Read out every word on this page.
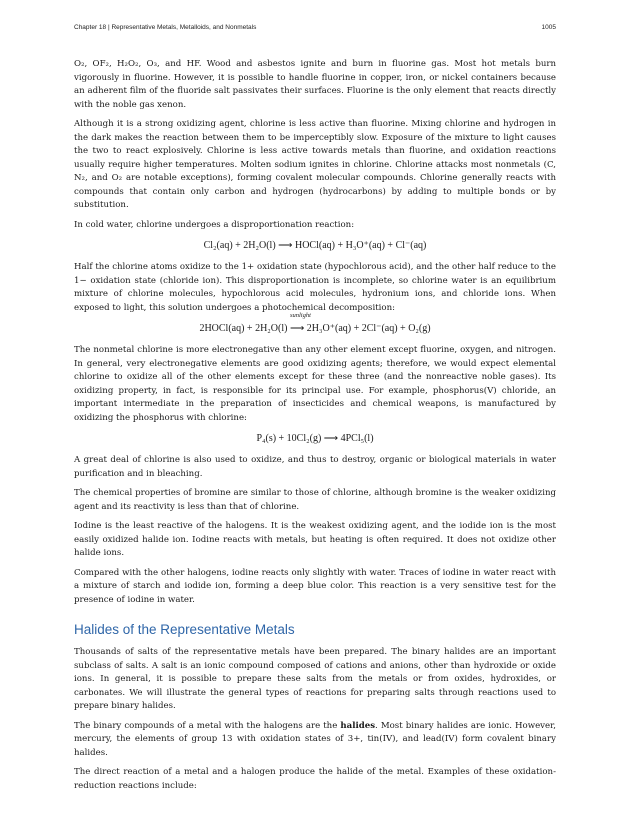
Chapter 18 | Representative Metals, Metalloids, and Nonmetals	1005

O₂, OF₂, H₂O₂, O₃, and HF. Wood and asbestos ignite and burn in fluorine gas. Most hot metals burn vigorously in fluorine. However, it is possible to handle fluorine in copper, iron, or nickel containers because an adherent film of the fluoride salt passivates their surfaces. Fluorine is the only element that reacts directly with the noble gas xenon.

Although it is a strong oxidizing agent, chlorine is less active than fluorine. Mixing chlorine and hydrogen in the dark makes the reaction between them to be imperceptibly slow. Exposure of the mixture to light causes the two to react explosively. Chlorine is less active towards metals than fluorine, and oxidation reactions usually require higher temperatures. Molten sodium ignites in chlorine. Chlorine attacks most nonmetals (C, N₂, and O₂ are notable exceptions), forming covalent molecular compounds. Chlorine generally reacts with compounds that contain only carbon and hydrogen (hydrocarbons) by adding to multiple bonds or by substitution.

In cold water, chlorine undergoes a disproportionation reaction:

Cl₂(aq) + 2H₂O(l) ⟶ HOCl(aq) + H₃O⁺(aq) + Cl⁻(aq)

Half the chlorine atoms oxidize to the 1+ oxidation state (hypochlorous acid), and the other half reduce to the 1− oxidation state (chloride ion). This disproportionation is incomplete, so chlorine water is an equilibrium mixture of chlorine molecules, hypochlorous acid molecules, hydronium ions, and chloride ions. When exposed to light, this solution undergoes a photochemical decomposition:

2HOCl(aq) + 2H₂O(l)
sunlight
⟶ 2H₃O⁺(aq) + 2Cl⁻(aq) + O₂(g)

The nonmetal chlorine is more electronegative than any other element except fluorine, oxygen, and nitrogen. In general, very electronegative elements are good oxidizing agents; therefore, we would expect elemental chlorine to oxidize all of the other elements except for these three (and the nonreactive noble gases). Its oxidizing property, in fact, is responsible for its principal use. For example, phosphorus(V) chloride, an important intermediate in the preparation of insecticides and chemical weapons, is manufactured by oxidizing the phosphorus with chlorine:

P₄(s) + 10Cl₂(g) ⟶ 4PCl₅(l)

A great deal of chlorine is also used to oxidize, and thus to destroy, organic or biological materials in water purification and in bleaching.

The chemical properties of bromine are similar to those of chlorine, although bromine is the weaker oxidizing agent and its reactivity is less than that of chlorine.

Iodine is the least reactive of the halogens. It is the weakest oxidizing agent, and the iodide ion is the most easily oxidized halide ion. Iodine reacts with metals, but heating is often required. It does not oxidize other halide ions.

Compared with the other halogens, iodine reacts only slightly with water. Traces of iodine in water react with a mixture of starch and iodide ion, forming a deep blue color. This reaction is a very sensitive test for the presence of iodine in water.

Halides of the Representative Metals

Thousands of salts of the representative metals have been prepared. The binary halides are an important subclass of salts. A salt is an ionic compound composed of cations and anions, other than hydroxide or oxide ions. In general, it is possible to prepare these salts from the metals or from oxides, hydroxides, or carbonates. We will illustrate the general types of reactions for preparing salts through reactions used to prepare binary halides.

The binary compounds of a metal with the halogens are the halides. Most binary halides are ionic. However, mercury, the elements of group 13 with oxidation states of 3+, tin(IV), and lead(IV) form covalent binary halides.

The direct reaction of a metal and a halogen produce the halide of the metal. Examples of these oxidation-reduction reactions include:
